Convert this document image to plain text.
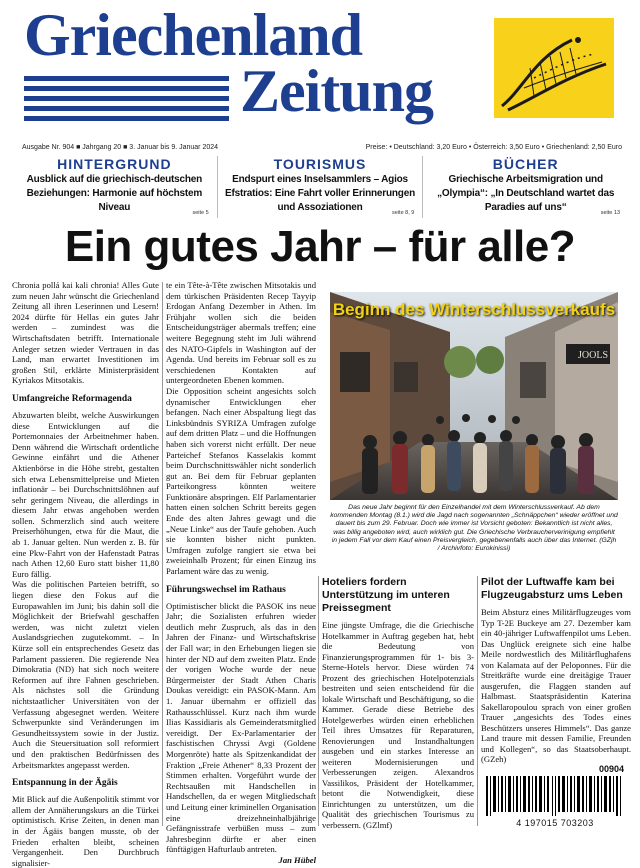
Griechenland
Zeitung
Ausgabe Nr. 904 ■ Jahrgang 20 ■ 3. Januar bis 9. Januar 2024	Preise: • Deutschland: 3,20 Euro • Österreich: 3,50 Euro • Griechenland: 2,50 Euro
HINTERGRUND
Ausblick auf die griechisch-deutschen Beziehungen: Harmonie auf höchstem Niveau	seite 5
TOURISMUS
Endspurt eines Inselsammlers – Agios Efstratios: Eine Fahrt voller Erinnerungen und Assoziationen	seite 8, 9
BÜCHER
Griechische Arbeitsmigration und „Olympia“: „In Deutschland wartet das Paradies auf uns“	seite 13
Ein gutes Jahr – für alle?

Chronia pollá kai kali chronia! Alles Gute zum neuen Jahr wünscht die Griechenland Zeitung all ihren Leserinnen und Lesern! 2024 dürfte für Hellas ein gutes Jahr werden – zumindest was die Wirtschaftsdaten betrifft. Internationale Anleger setzen wieder Vertrauen in das Land, man erwartet Investitionen im großen Stil, erklärte Ministerpräsident Kyriakos Mitsotakis.

Umfangreiche Reformagenda

Abzuwarten bleibt, welche Auswirkungen diese Entwicklungen auf die Portemonnaies der Arbeitnehmer haben. Denn während die Wirtschaft ordentliche Gewinne einfährt und die Athener Aktienbörse in die Höhe strebt, gestalten sich etwa Lebensmittelpreise und Mieten inflationär – bei Durchschnittslöhnen auf sehr geringem Niveau, die allerdings in diesem Jahr etwas angehoben werden sollen. Schmerzlich sind auch weitere Preiserhöhungen, etwa für die Maut, die ab 1. Januar gelten. Nun werden z. B. für eine Pkw-Fahrt von der Hafenstadt Patras nach Athen 12,60 Euro statt bisher 11,80 Euro fällig.

Was die politischen Parteien betrifft, so liegen diese den Fokus auf die Europawahlen im Juni; bis dahin soll die Möglichkeit der Briefwahl geschaffen werden, was nicht zuletzt vielen Auslandsgriechen zugutekommt. – In Kürze soll ein entsprechendes Gesetz das Parlament passieren. Die regierende Nea Dimokratia (ND) hat sich noch weitere Reformen auf ihre Fahnen geschrieben. Als nächstes soll die Gründung nichtstaatlicher Universitäten von der Verfassung abgesegnet werden. Weitere Schwerpunkte sind Veränderungen im Gesundheitssystem sowie in der Justiz. Auch die Steuersituation soll reformiert und den praktischen Bedürfnissen des Arbeitsmarktes angepasst werden.

Entspannung in der Ägäis

Mit Blick auf die Außenpolitik stimmt vor allem der Annäherungskurs an die Türkei optimistisch. Krise Zeiten, in denen man in der Ägäis bangen musste, ob der Frieden erhalten bleibt, scheinen Vergangenheit. Den Durchbruch signalisier-

te ein Tête-à-Tête zwischen Mitsotakis und dem türkischen Präsidenten Recep Tayyip Erdogan Anfang Dezember in Athen. Im Frühjahr wollen sich die beiden Entscheidungsträger abermals treffen; eine weitere Begegnung steht im Juli während des NATO-Gipfels in Washington auf der Agenda. Und bereits im Februar soll es zu verschiedenen Kontakten auf untergeordneten Ebenen kommen.

Die Opposition scheint angesichts solch dynamischer Entwicklungen eher befangen. Nach einer Abspaltung liegt das Linksbündnis SYRIZA Umfragen zufolge auf dem dritten Platz – und die Hoffnungen haben sich vorerst nicht erfüllt. Der neue Parteichef Stefanos Kasselakis kommt beim Durchschnittswähler nicht sonderlich gut an. Bei dem für Februar geplanten Parteikongress könnten weitere Funktionäre abspringen. Elf Parlamentarier hatten einen solchen Schritt bereits gegen Ende des alten Jahres gewagt und die „Neue Linke“ aus der Taufe gehoben. Auch sie konnten bisher nicht punkten. Umfragen zufolge rangiert sie etwa bei zweieinhalb Prozent; für einen Einzug ins Parlament wäre das zu wenig.

Führungswechsel im Rathaus

Optimistischer blickt die PASOK ins neue Jahr; die Sozialisten erfuhren wieder deutlich mehr Zuspruch, als das in den Jahren der Finanz- und Wirtschaftskrise der Fall war; in den Erhebungen liegen sie hinter der ND auf dem zweiten Platz. Ende der vorigen Woche wurde der neue Bürgermeister der Stadt Athen Charis Doukas vereidigt: ein PASOK-Mann. Am 1. Januar übernahm er offiziell das Rathausschlüssel. Kurz nach ihm wurde Ilias Kassidiaris als Gemeinderatsmitglied vereidigt. Der Ex-Parlamentarier der faschistischen Chryssi Avgi (Goldene Morgenröte) hatte als Spitzenkandidat der Fraktion „Freie Athener“ 8,33 Prozent der Stimmen erhalten. Vorgeführt wurde der Rechtsaußen mit Handschellen in Handschellen, da er wegen Mitgliedschaft und Leitung einer kriminellen Organisation eine dreizehneinhalbjährige Gefängnisstrafe verbüßen muss – zum Jahresbeginn dürfte er aber einen fünftägigen Hafturlaub antreten.

Jan Hübel

JOOLS
Beginn des Winterschlussverkaufs
Das neue Jahr beginnt für den Einzelhandel mit dem Winterschlussverkauf. Ab dem kommenden Montag (8.1.) wird die Jagd nach sogenannten „Schnäppchen“ wieder eröffnet und dauert bis zum 29. Februar. Doch wie immer ist Vorsicht geboten: Bekanntlich ist nicht alles, was billig angeboten wird, auch wirklich gut. Die Griechische Verbraucherverinigung empfiehlt in jedem Fall vor dem Kauf einen Preisvergleich, gegebenenfalls auch über das Internet. (GZjh / Archivfoto: Eurokinissi)
Hoteliers fordern Unterstützung im unteren Preissegment
Eine jüngste Umfrage, die die Griechische Hotelkammer in Auftrag gegeben hat, hebt die Bedeutung von Finanzierungsprogrammen für 1- bis 3-Sterne-Hotels hervor. Diese würden 74 Prozent des griechischen Hotelpotenzials bestreiten und seien entscheidend für die lokale Wirtschaft und Beschäftigung, so die Kammer. Gerade diese Betriebe des Hotelgewerbes würden einen erheblichen Teil ihres Umsatzes für Reparaturen, Renovierungen und Instandhaltungen ausgeben und ein starkes Interesse an weiteren Modernisierungen und Verbesserungen zeigen. Alexandros Vassilikos, Präsident der Hotelkammer, betont die Notwendigkeit, diese Einrichtungen zu unterstützen, um die Qualität des griechischen Tourismus zu verbessern. (GZlmf)
Pilot der Luftwaffe kam bei Flugzeugabsturz ums Leben
Beim Absturz eines Militärflugzeuges vom Typ T-2E Buckeye am 27. Dezember kam ein 40-jähriger Luftwaffenpilot ums Leben. Das Unglück ereignete sich eine halbe Meile nordwestlich des Militärflughafens von Kalamata auf der Peloponnes. Für die Streitkräfte wurde eine dreitägige Trauer ausgerufen, die Flaggen standen auf Halbmast. Staatspräsidentin Katerina Sakellaropoulou sprach von einer großen Trauer „angesichts des Todes eines Beschützers unseres Himmels“. Das ganze Land traure mit dessen Familie, Freunden und Kollegen“, so das Staatsoberhaupt. (GZeh)
00904
4 197015 703203
